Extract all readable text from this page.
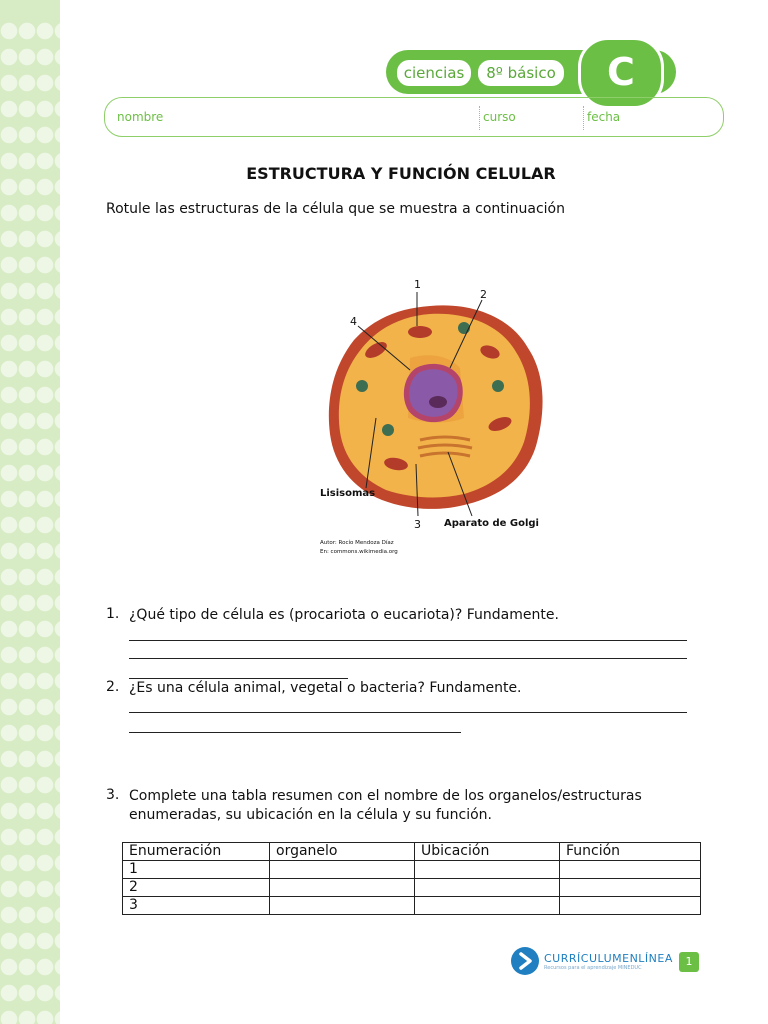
ciencias	8º básico	C
nombre	curso	fecha
ESTRUCTURA Y FUNCIÓN CELULAR
Rotule las estructuras de la célula que se muestra a continuación
1
2
3
4
Lisisomas
Aparato de Golgi
Autor: Rocío Mendoza Díaz
En: commons.wikimedia.org
1. ¿Qué tipo de célula es (procariota o eucariota)? Fundamente.
2. ¿Es una célula animal, vegetal o bacteria? Fundamente.
3. Complete una tabla resumen con el nombre de los organelos/estructuras enumeradas, su ubicación en la célula y su función.
Enumeración	organelo	Ubicación	Función
1			
2			
3			
CURRÍCULUMENLÍNEA
Recursos para el aprendizaje MINEDUC	1
